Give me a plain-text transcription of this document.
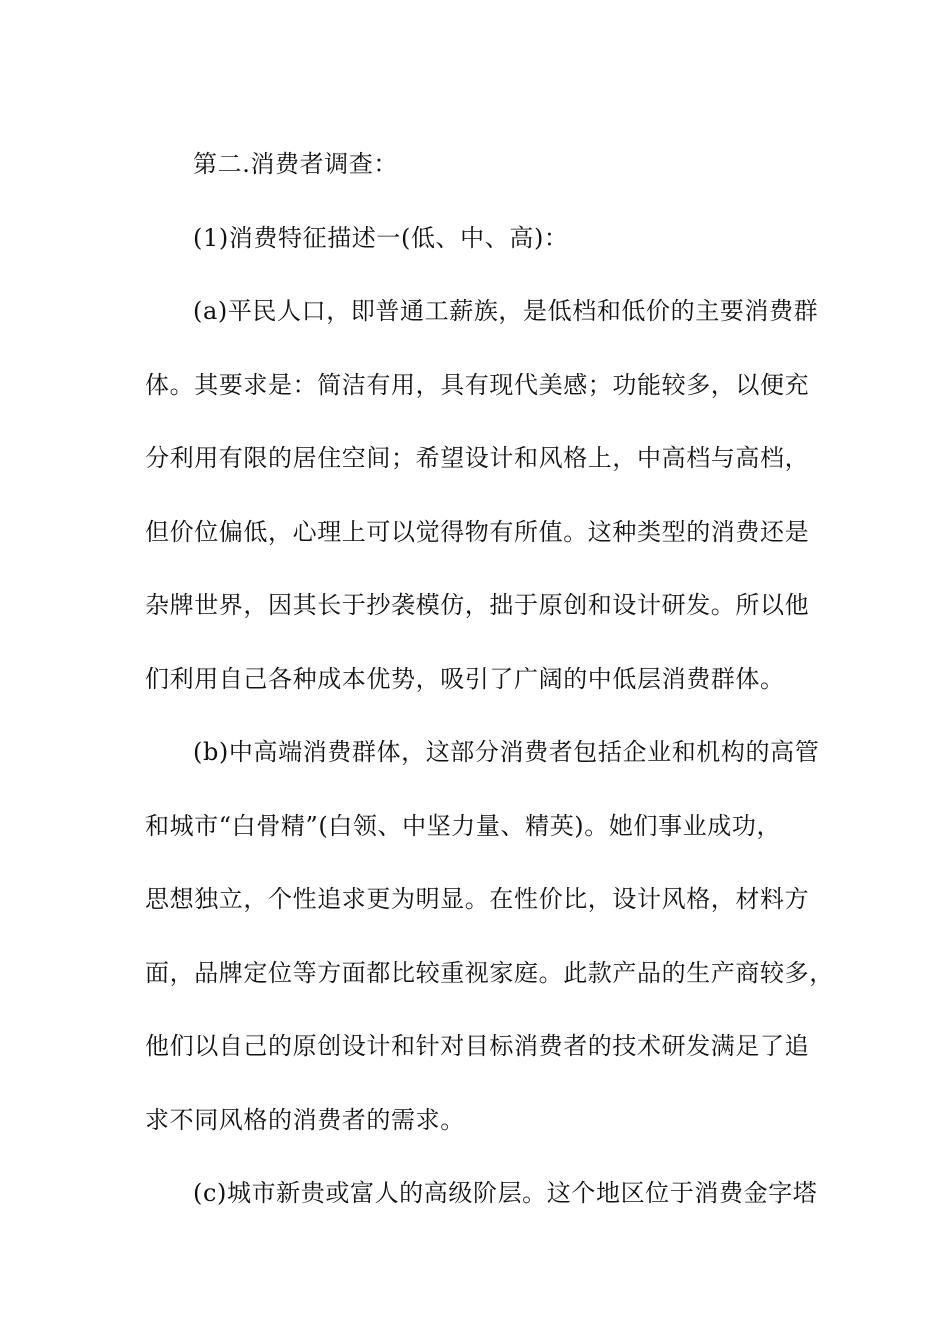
第二.消费者调查：

(1)消费特征描述一(低、中、高)：

(a)平民人口，即普通工薪族，是低档和低价的主要消费群
体。其要求是：简洁有用，具有现代美感；功能较多，以便充
分利用有限的居住空间；希望设计和风格上，中高档与高档，
但价位偏低，心理上可以觉得物有所值。这种类型的消费还是
杂牌世界，因其长于抄袭模仿，拙于原创和设计研发。所以他
们利用自己各种成本优势，吸引了广阔的中低层消费群体。

(b)中高端消费群体，这部分消费者包括企业和机构的高管
和城市“白骨精”(白领、中坚力量、精英)。她们事业成功，
思想独立，个性追求更为明显。在性价比，设计风格，材料方
面，品牌定位等方面都比较重视家庭。此款产品的生产商较多，
他们以自己的原创设计和针对目标消费者的技术研发满足了追
求不同风格的消费者的需求。

(c)城市新贵或富人的高级阶层。这个地区位于消费金字塔
